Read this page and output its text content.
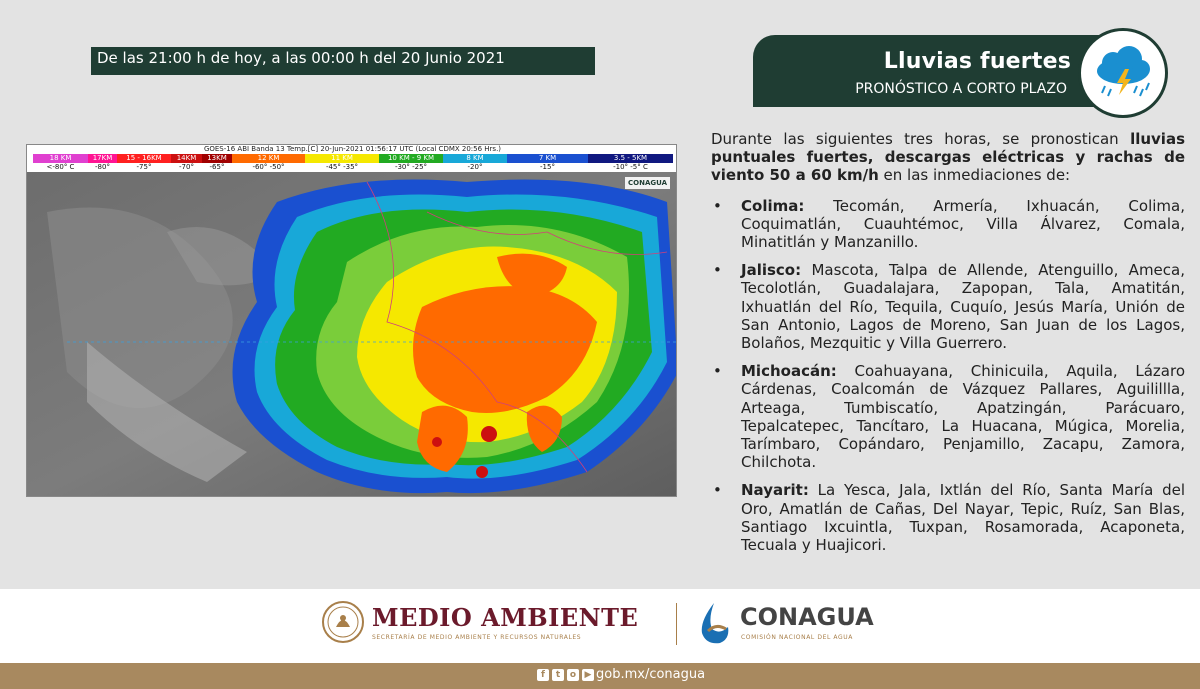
De las 21:00 h de hoy, a las 00:00 h del 20 Junio 2021	Lluvias fuertes
PRONÓSTICO A CORTO PLAZO
GOES-16 ABI Banda 13 Temp.[C] 20-Jun-2021 01:56:17 UTC (Local CDMX 20:56 Hrs.)
18 KM
<-80° C
17KM
-80°
15 - 16KM
-75°
14KM
-70°
13KM
-65°
12 KM
-60° -50°
11 KM
-45° -35°
10 KM - 9 KM
-30° -25°
8 KM
-20°
7 KM
-15°
3.5 - 5KM
-10° -5° C
CONAGUA

Durante las siguientes tres horas, se pronostican lluvias puntuales fuertes, descargas eléctricas y rachas de viento 50 a 60 km/h en las inmediaciones de:

• Colima: Tecomán, Armería, Ixhuacán, Colima, Coquimatlán, Cuauhtémoc, Villa Álvarez, Comala, Minatitlán y Manzanillo.
• Jalisco: Mascota, Talpa de Allende, Atenguillo, Ameca, Tecolotlán, Guadalajara, Zapopan, Tala, Amatitán, Ixhuatlán del Río, Tequila, Cuquío, Jesús María, Unión de San Antonio, Lagos de Moreno, San Juan de los Lagos, Bolaños, Mezquitic y Villa Guerrero.
• Michoacán: Coahuayana, Chinicuila, Aquila, Lázaro Cárdenas, Coalcomán de Vázquez Pallares, Aguilillla, Arteaga, Tumbiscatío, Apatzingán, Parácuaro, Tepalcatepec, Tancítaro, La Huacana, Múgica, Morelia, Tarímbaro, Copándaro, Penjamillo, Zacapu, Zamora, Chilchota.
• Nayarit: La Yesca, Jala, Ixtlán del Río, Santa María del Oro, Amatlán de Cañas, Del Nayar, Tepic, Ruíz, San Blas, Santiago Ixcuintla, Tuxpan, Rosamorada, Acaponeta, Tecuala y Huajicori.
MEDIO AMBIENTE
SECRETARÍA DE MEDIO AMBIENTE Y RECURSOS NATURALES
CONAGUA
COMISIÓN NACIONAL DEL AGUA
f	t	o ▶ gob.mx/conagua
